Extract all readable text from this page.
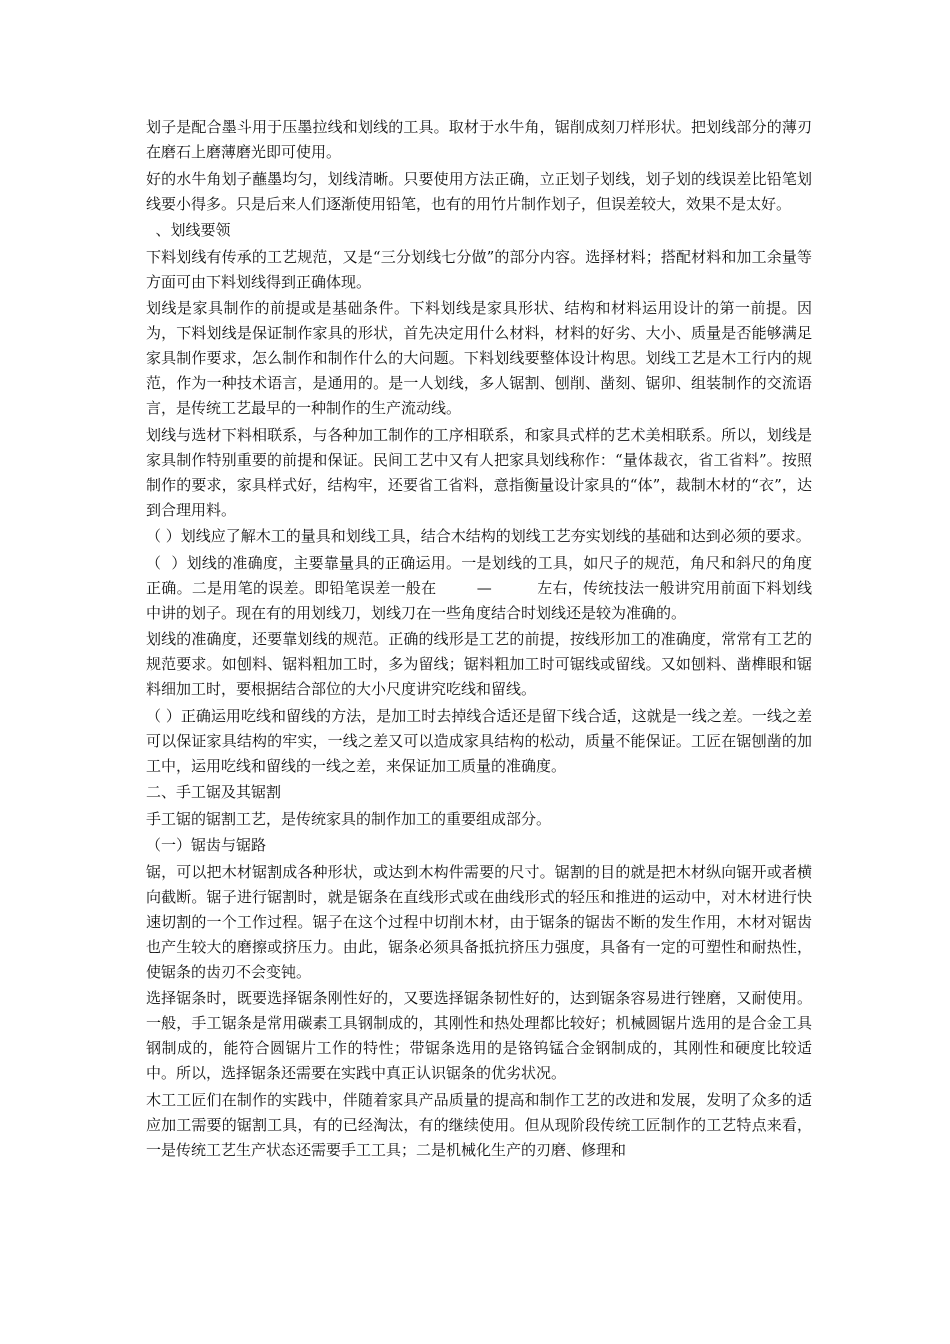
划子是配合墨斗用于压墨拉线和划线的工具。取材于水牛角，锯削成刻刀样形状。把划线部分的薄刃在磨石上磨薄磨光即可使用。

好的水牛角划子蘸墨均匀，划线清晰。只要使用方法正确，立正划子划线，划子划的线误差比铅笔划线要小得多。只是后来人们逐渐使用铅笔，也有的用竹片制作划子，但误差较大，效果不是太好。

、划线要领

下料划线有传承的工艺规范，又是“三分划线七分做”的部分内容。选择材料；搭配材料和加工余量等方面可由下料划线得到正确体现。

划线是家具制作的前提或是基础条件。下料划线是家具形状、结构和材料运用设计的第一前提。因为，下料划线是保证制作家具的形状，首先决定用什么材料，材料的好劣、大小、质量是否能够满足家具制作要求，怎么制作和制作什么的大问题。下料划线要整体设计构思。划线工艺是木工行内的规范，作为一种技术语言，是通用的。是一人划线，多人锯割、刨削、凿刻、锯卯、组装制作的交流语言，是传统工艺最早的一种制作的生产流动线。

划线与选材下料相联系，与各种加工制作的工序相联系，和家具式样的艺术美相联系。所以，划线是家具制作特别重要的前提和保证。民间工艺中又有人把家具划线称作：“量体裁衣，省工省料”。按照制作的要求，家具样式好，结构牢，还要省工省料，意指衡量设计家具的“体”，裁制木材的“衣”，达到合理用料。

（ ）划线应了解木工的量具和划线工具，结合木结构的划线工艺夯实划线的基础和达到必须的要求。

（  ）划线的准确度，主要靠量具的正确运用。一是划线的工具，如尺子的规范，角尺和斜尺的角度正确。二是用笔的误差。即铅笔误差一般在        —         左右，传统技法一般讲究用前面下料划线中讲的划子。现在有的用划线刀，划线刀在一些角度结合时划线还是较为准确的。

划线的准确度，还要靠划线的规范。正确的线形是工艺的前提，按线形加工的准确度，常常有工艺的规范要求。如刨料、锯料粗加工时，多为留线；锯料粗加工时可锯线或留线。又如刨料、凿榫眼和锯料细加工时，要根据结合部位的大小尺度讲究吃线和留线。

（ ）正确运用吃线和留线的方法，是加工时去掉线合适还是留下线合适，这就是一线之差。一线之差可以保证家具结构的牢实，一线之差又可以造成家具结构的松动，质量不能保证。工匠在锯刨凿的加工中，运用吃线和留线的一线之差，来保证加工质量的准确度。

二、手工锯及其锯割

手工锯的锯割工艺，是传统家具的制作加工的重要组成部分。

（一）锯齿与锯路

锯，可以把木材锯割成各种形状，或达到木构件需要的尺寸。锯割的目的就是把木材纵向锯开或者横向截断。锯子进行锯割时，就是锯条在直线形式或在曲线形式的轻压和推进的运动中，对木材进行快速切割的一个工作过程。锯子在这个过程中切削木材，由于锯条的锯齿不断的发生作用，木材对锯齿也产生较大的磨擦或挤压力。由此，锯条必须具备抵抗挤压力强度，具备有一定的可塑性和耐热性，使锯条的齿刃不会变钝。

选择锯条时，既要选择锯条刚性好的，又要选择锯条韧性好的，达到锯条容易进行锉磨，又耐使用。一般，手工锯条是常用碳素工具钢制成的，其刚性和热处理都比较好；机械圆锯片选用的是合金工具钢制成的，能符合圆锯片工作的特性；带锯条选用的是铬钨锰合金钢制成的，其刚性和硬度比较适中。所以，选择锯条还需要在实践中真正认识锯条的优劣状况。

木工工匠们在制作的实践中，伴随着家具产品质量的提高和制作工艺的改进和发展，发明了众多的适应加工需要的锯割工具，有的已经淘汰，有的继续使用。但从现阶段传统工匠制作的工艺特点来看，一是传统工艺生产状态还需要手工工具；二是机械化生产的刃磨、修理和
